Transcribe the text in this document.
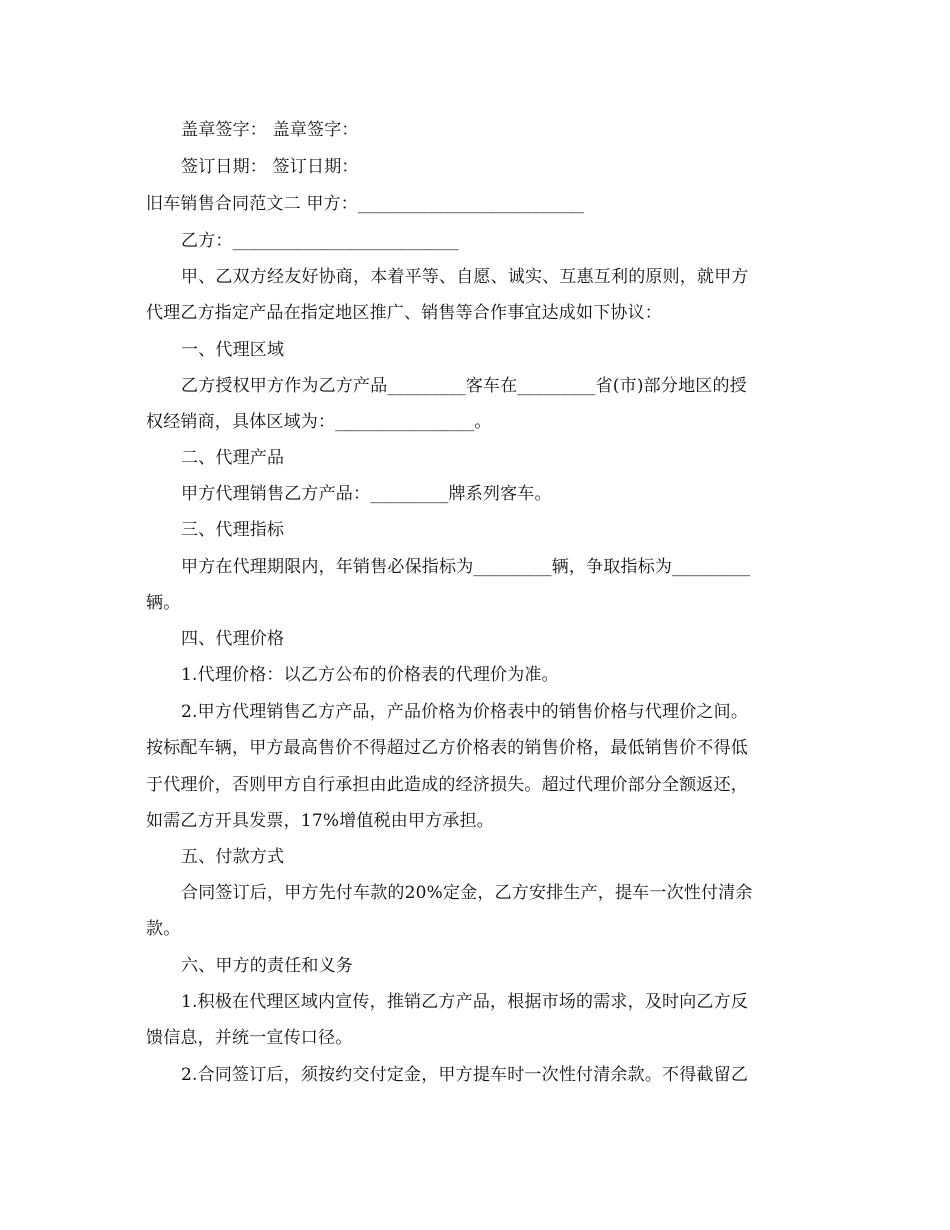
盖章签字： 盖章签字：
签订日期： 签订日期：
旧车销售合同范文二 甲方：__________________________
乙方：__________________________
甲、乙双方经友好协商，本着平等、自愿、诚实、互惠互利的原则，就甲方
代理乙方指定产品在指定地区推广、销售等合作事宜达成如下协议：
一、代理区域
乙方授权甲方作为乙方产品_________客车在_________省(市)部分地区的授
权经销商，具体区域为：________________。
二、代理产品
甲方代理销售乙方产品：_________牌系列客车。
三、代理指标
甲方在代理期限内，年销售必保指标为_________辆，争取指标为_________
辆。
四、代理价格
1.代理价格：以乙方公布的价格表的代理价为准。
2.甲方代理销售乙方产品，产品价格为价格表中的销售价格与代理价之间。
按标配车辆，甲方最高售价不得超过乙方价格表的销售价格，最低销售价不得低
于代理价，否则甲方自行承担由此造成的经济损失。超过代理价部分全额返还，
如需乙方开具发票，17%增值税由甲方承担。
五、付款方式
合同签订后，甲方先付车款的20%定金，乙方安排生产，提车一次性付清余
款。
六、甲方的责任和义务
1.积极在代理区域内宣传，推销乙方产品，根据市场的需求，及时向乙方反
馈信息，并统一宣传口径。
2.合同签订后，须按约交付定金，甲方提车时一次性付清余款。不得截留乙
